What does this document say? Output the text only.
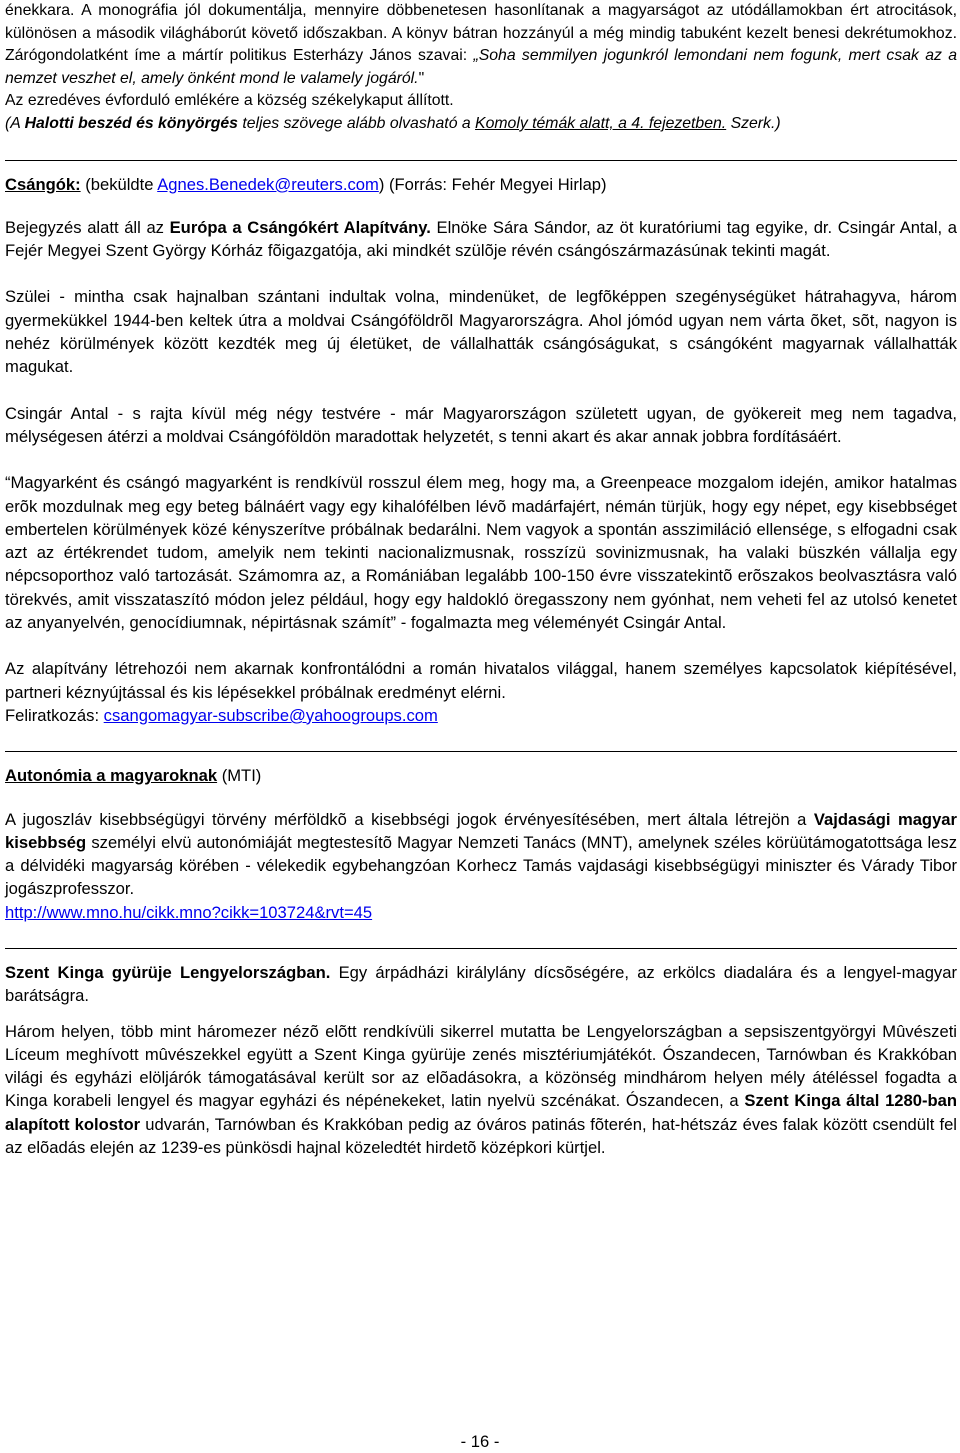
énekkara. A monográfia jól dokumentálja, mennyire döbbenetesen hasonlítanak a magyarságot az utódállamokban ért atrocitások, különösen a második világháborút követő időszakban. A könyv bátran hozzányúl a még mindig tabuként kezelt benesi dekrétumokhoz. Zárógondolatként íme a mártír politikus Esterházy János szavai: „Soha semmilyen jogunkról lemondani nem fogunk, mert csak az a nemzet veszhet el, amely önként mond le valamely jogáról."

Az ezredéves évforduló emlékére a község székelykaput állított.

(A Halotti beszéd és könyörgés teljes szövege alább olvasható a Komoly témák alatt, a 4. fejezetben. Szerk.)

Csángók: (beküldte Agnes.Benedek@reuters.com) (Forrás: Fehér Megyei Hirlap)

Bejegyzés alatt áll az Európa a Csángókért Alapítvány. Elnöke Sára Sándor, az öt kuratóriumi tag egyike, dr. Csingár Antal, a Fejér Megyei Szent György Kórház fõigazgatója, aki mindkét szülõje révén csángószármazásúnak tekinti magát.

Szülei - mintha csak hajnalban szántani indultak volna, mindenüket, de legfõképpen szegénységüket hátrahagyva, három gyermekükkel 1944-ben keltek útra a moldvai Csángóföldrõl Magyarországra. Ahol jómód ugyan nem várta õket, sõt, nagyon is nehéz körülmények között kezdték meg új életüket, de vállalhatták csángóságukat, s csángóként magyarnak vállalhatták magukat.

Csingár Antal - s rajta kívül még négy testvére - már Magyarországon született ugyan, de gyökereit meg nem tagadva, mélységesen átérzi a moldvai Csángóföldön maradottak helyzetét, s tenni akart és akar annak jobbra fordításáért.

“Magyarként és csángó magyarként is rendkívül rosszul élem meg, hogy ma, a Greenpeace mozgalom idején, amikor hatalmas erõk mozdulnak meg egy beteg bálnáért vagy egy kihalófélben lévõ madárfajért, némán türjük, hogy egy népet, egy kisebbséget embertelen körülmények közé kényszerítve próbálnak bedarálni. Nem vagyok a spontán asszimiláció ellensége, s elfogadni csak azt az értékrendet tudom, amelyik nem tekinti nacionalizmusnak, rosszízü sovinizmusnak, ha valaki büszkén vállalja egy népcsoporthoz való tartozását. Számomra az, a Romániában legalább 100-150 évre visszatekintõ erõszakos beolvasztásra való törekvés, amit visszataszító módon jelez például, hogy egy haldokló öregasszony nem gyónhat, nem veheti fel az utolsó kenetet az anyanyelvén, genocídiumnak, népirtásnak számít” - fogalmazta meg véleményét Csingár Antal.

Az alapítvány létrehozói nem akarnak konfrontálódni a román hivatalos világgal, hanem személyes kapcsolatok kiépítésével, partneri kéznyújtással és kis lépésekkel próbálnak eredményt elérni.

Feliratkozás: csangomagyar-subscribe@yahoogroups.com

Autonómia a magyaroknak (MTI)

A jugoszláv kisebbségügyi törvény mérföldkõ a kisebbségi jogok érvényesítésében, mert általa létrejön a Vajdasági magyar kisebbség személyi elvü autonómiáját megtestesítõ Magyar Nemzeti Tanács (MNT), amelynek széles körüütámogatottsága lesz a délvidéki magyarság körében - vélekedik egybehangzóan Korhecz Tamás vajdasági kisebbségügyi miniszter és Várady Tibor jogászprofesszor.

http://www.mno.hu/cikk.mno?cikk=103724&rvt=45

Szent Kinga gyürüje Lengyelországban. Egy árpádházi királylány dícsõségére, az erkölcs diadalára és a lengyel-magyar barátságra.

Három helyen, több mint háromezer nézõ elõtt rendkívüli sikerrel mutatta be Lengyelországban a sepsiszentgyörgyi Mûvészeti Líceum meghívott mûvészekkel együtt a Szent Kinga gyürüje zenés misztériumjátékót. Ószandecen, Tarnówban és Krakkóban világi és egyházi elöljárók támogatásával került sor az elõadásokra, a közönség mindhárom helyen mély átéléssel fogadta a Kinga korabeli lengyel és magyar egyházi és népénekeket, latin nyelvü szcénákat. Ószandecen, a Szent Kinga által 1280-ban alapított kolostor udvarán, Tarnówban és Krakkóban pedig az óváros patinás fõterén, hat-hétszáz éves falak között csendült fel az elõadás elején az 1239-es pünkösdi hajnal közeledtét hirdetõ középkori kürtjel.

- 16 -
